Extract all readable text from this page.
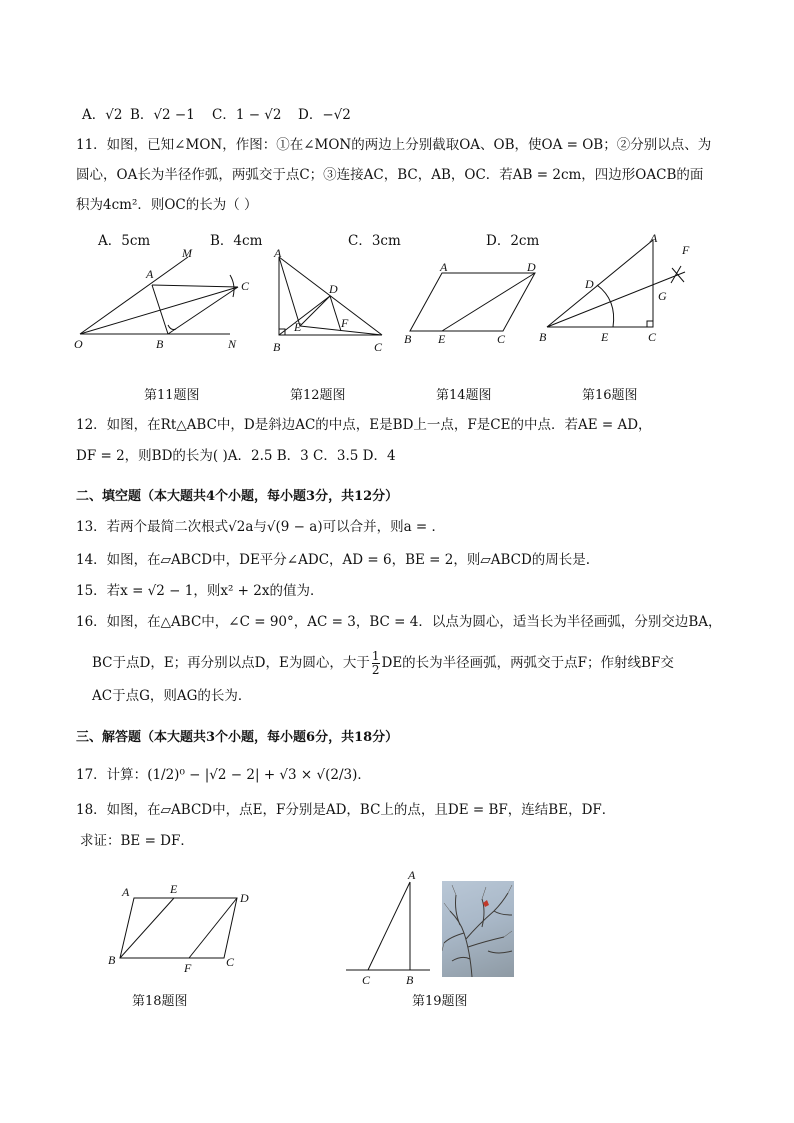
A．√2 B．√2 −1 C．1 − √2 D．−√2
11．如图，已知∠MON，作图：①在∠MON的两边上分别截取OA、OB，使OA = OB；②分别以点、为
圆心，OA长为半径作弧，两弧交于点C；③连接AC，BC，AB，OC．若AB = 2cm，四边形OACB的面
积为4cm²．则OC的长为（ ）
A．5cm	B．4cm	C．3cm	D．2cm
M
A
C
O	B	N
A
D
E	F
B	C
A	D
B E	C
A
D
F
G
B	E	C
第11题图	第12题图	第14题图	第16题图
12．如图，在Rt△ABC中，D是斜边AC的中点，E是BD上一点，F是CE的中点．若AE = AD，
DF = 2，则BD的长为( )A．2.5 B．3 C．3.5 D．4
二、填空题（本大题共4个小题，每小题3分，共12分）
13．若两个最简二次根式√2a与√(9 − a)可以合并，则a = ．
14．如图，在▱ABCD中，DE平分∠ADC，AD = 6，BE = 2，则▱ABCD的周长是.
15．若x = √2 − 1，则x² + 2x的值为．
16．如图，在△ABC中，∠C = 90°，AC = 3，BC = 4．以点为圆心，适当长为半径画弧，分别交边BA，
BC于点D，E；再分别以点D，E为圆心，大于 $\frac{1}{2}$ DE的长为半径画弧，两弧交于点F；作射线BF交
AC于点G，则AG的长为．
三、解答题（本大题共3个小题，每小题6分，共18分）
17．计算：(1/2)⁰ − |√2 − 2| + √3 × √(2/3)．
18．如图，在▱ABCD中，点E，F分别是AD，BC上的点，且DE = BF，连结BE，DF．
求证：BE = DF．
A	E
D
B
F	C
第18题图
A
C	B
第19题图
